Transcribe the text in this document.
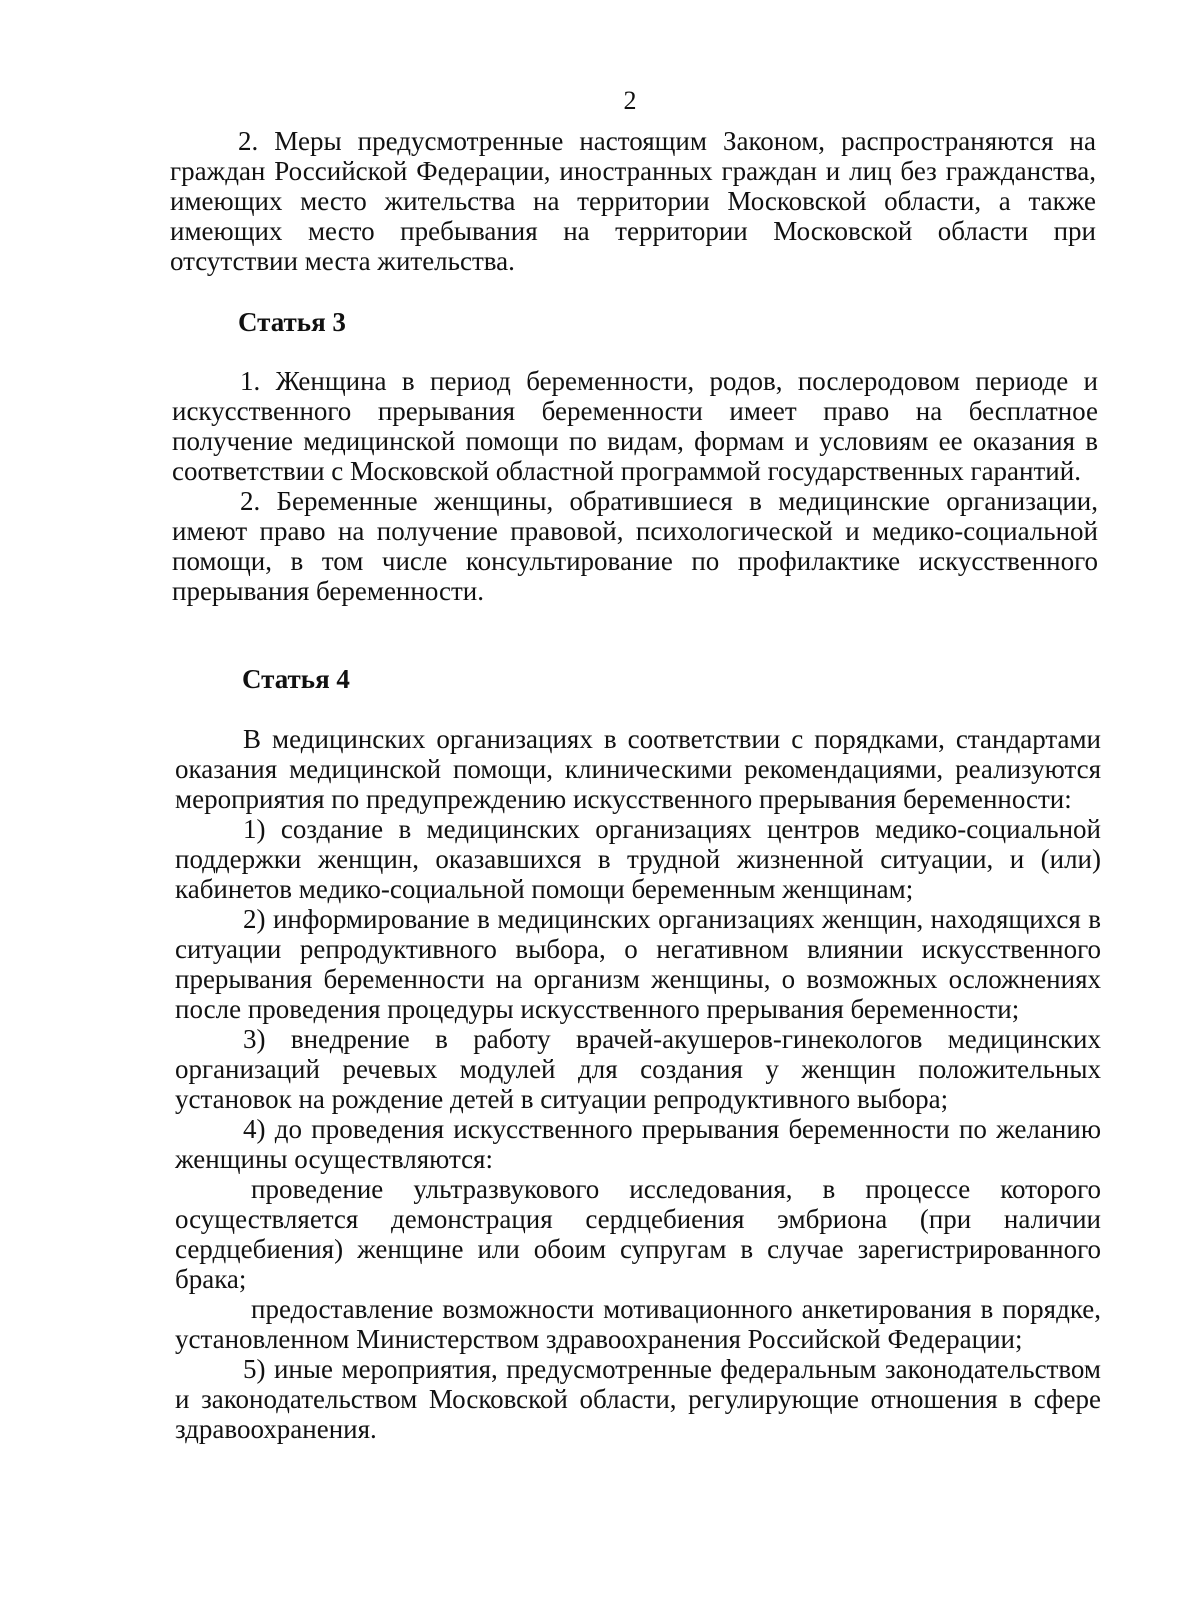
2

2. Меры предусмотренные настоящим Законом, распространяются на граждан Российской Федерации, иностранных граждан и лиц без гражданства, имеющих место жительства на территории Московской области, а также имеющих место пребывания на территории Московской области при отсутствии места жительства.

Статья 3

1. Женщина в период беременности, родов, послеродовом периоде и искусственного прерывания беременности имеет право на бесплатное получение медицинской помощи по видам, формам и условиям ее оказания в соответствии с Московской областной программой государственных гарантий.

2. Беременные женщины, обратившиеся в медицинские организации, имеют право на получение правовой, психологической и медико-социальной помощи, в том числе консультирование по профилактике искусственного прерывания беременности.

Статья 4

В медицинских организациях в соответствии с порядками, стандартами оказания медицинской помощи, клиническими рекомендациями, реализуются мероприятия по предупреждению искусственного прерывания беременности:

1) создание в медицинских организациях центров медико-социальной поддержки женщин, оказавшихся в трудной жизненной ситуации, и (или) кабинетов медико-социальной помощи беременным женщинам;

2) информирование в медицинских организациях женщин, находящихся в ситуации репродуктивного выбора, о негативном влиянии искусственного прерывания беременности на организм женщины, о возможных осложнениях после проведения процедуры искусственного прерывания беременности;

3) внедрение в работу врачей-акушеров-гинекологов медицинских организаций речевых модулей для создания у женщин положительных установок на рождение детей в ситуации репродуктивного выбора;

4) до проведения искусственного прерывания беременности по желанию женщины осуществляются:

проведение ультразвукового исследования, в процессе которого осуществляется демонстрация сердцебиения эмбриона (при наличии сердцебиения) женщине или обоим супругам в случае зарегистрированного брака;

предоставление возможности мотивационного анкетирования в порядке, установленном Министерством здравоохранения Российской Федерации;

5) иные мероприятия, предусмотренные федеральным законодательством и законодательством Московской области, регулирующие отношения в сфере здравоохранения.
